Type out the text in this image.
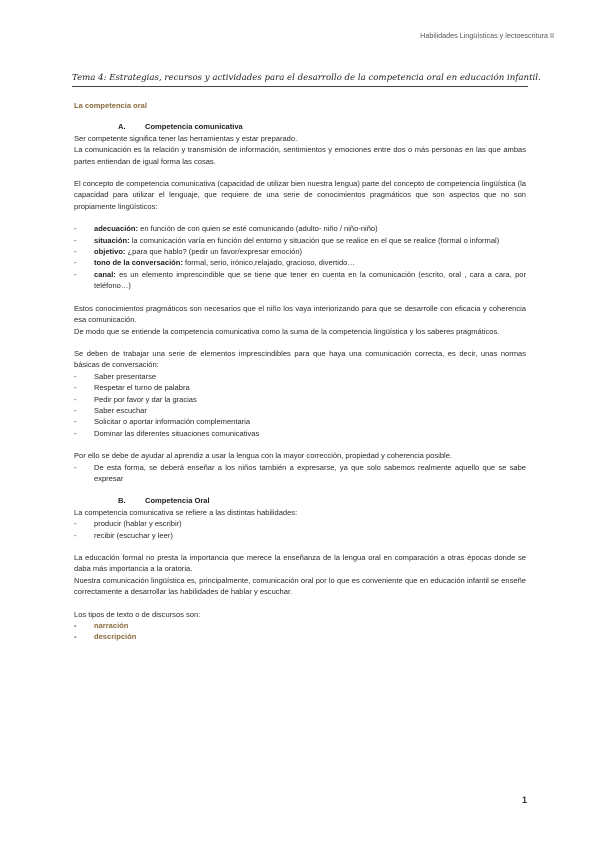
Habilidades Lingüísticas y lectoescritura II
Tema 4: Estrategias, recursos y actividades para el desarrollo de la competencia oral en educación infantil.
La competencia oral
A.	Competencia comunicativa

Ser competente significa tener las herramientas y estar preparado.

La comunicación es la relación y transmisión de información, sentimientos y emociones entre dos o más personas en las que ambas partes entiendan de igual forma las cosas.

El concepto de competencia comunicativa (capacidad de utilizar bien nuestra lengua) parte del concepto de competencia lingüística (la capacidad para utilizar el lenguaje, que requiere de una serie de conocimientos pragmáticos que son aspectos que no son propiamente lingüísticos:

-	adecuación: en función de con quien se esté comunicando (adulto- niño / niño-niño)
-	situación: la comunicación varía en función del entorno y situación que se realice en el que se realice (formal o informal)
-	objetivo: ¿para que hablo? (pedir un favor/expresar emoción)
-	tono de la conversación: formal, serio, irónico,relajado, gracioso, divertido…
-	canal: es un elemento imprescindible que se tiene que tener en cuenta en la comunicación (escrito, oral , cara a cara, por teléfono…)

Estos conocimientos pragmáticos son necesarios que el niño los vaya interiorizando para que se desarrolle con eficacia y coherencia esa comunicación.

De modo que se entiende la competencia comunicativa como la suma de la competencia lingüística y los saberes pragmáticos.

Se deben de trabajar una serie de elementos imprescindibles para que haya una comunicación correcta, es decir, unas normas básicas de conversación:

-	Saber presentarse
-	Respetar el turno de palabra
-	Pedir por favor y dar la gracias
-	Saber escuchar
-	Solicitar o aportar información complementaria
-	Dominar las diferentes situaciones comunicativas

Por ello se debe de ayudar al aprendiz a usar la lengua con la mayor corrección, propiedad y coherencia posible.

-	De esta forma, se deberá enseñar a los niños también a expresarse, ya que solo sabemos realmente aquello que se sabe expresar
B.	Competencia Oral

La competencia comunicativa se refiere a las distintas habilidades:

-	producir (hablar y escribir)
-	recibir (escuchar y leer)

La educación formal no presta la importancia que merece la enseñanza de la lengua oral en comparación a otras épocas donde se daba más importancia a la oratoria.

Nuestra comunicación lingüística es, principalmente, comunicación oral por lo que es conveniente que en educación infantil se enseñe correctamente a desarrollar las habilidades de hablar y escuchar.

Los tipos de texto o de discursos son:

-	narración
-	descripción
1
